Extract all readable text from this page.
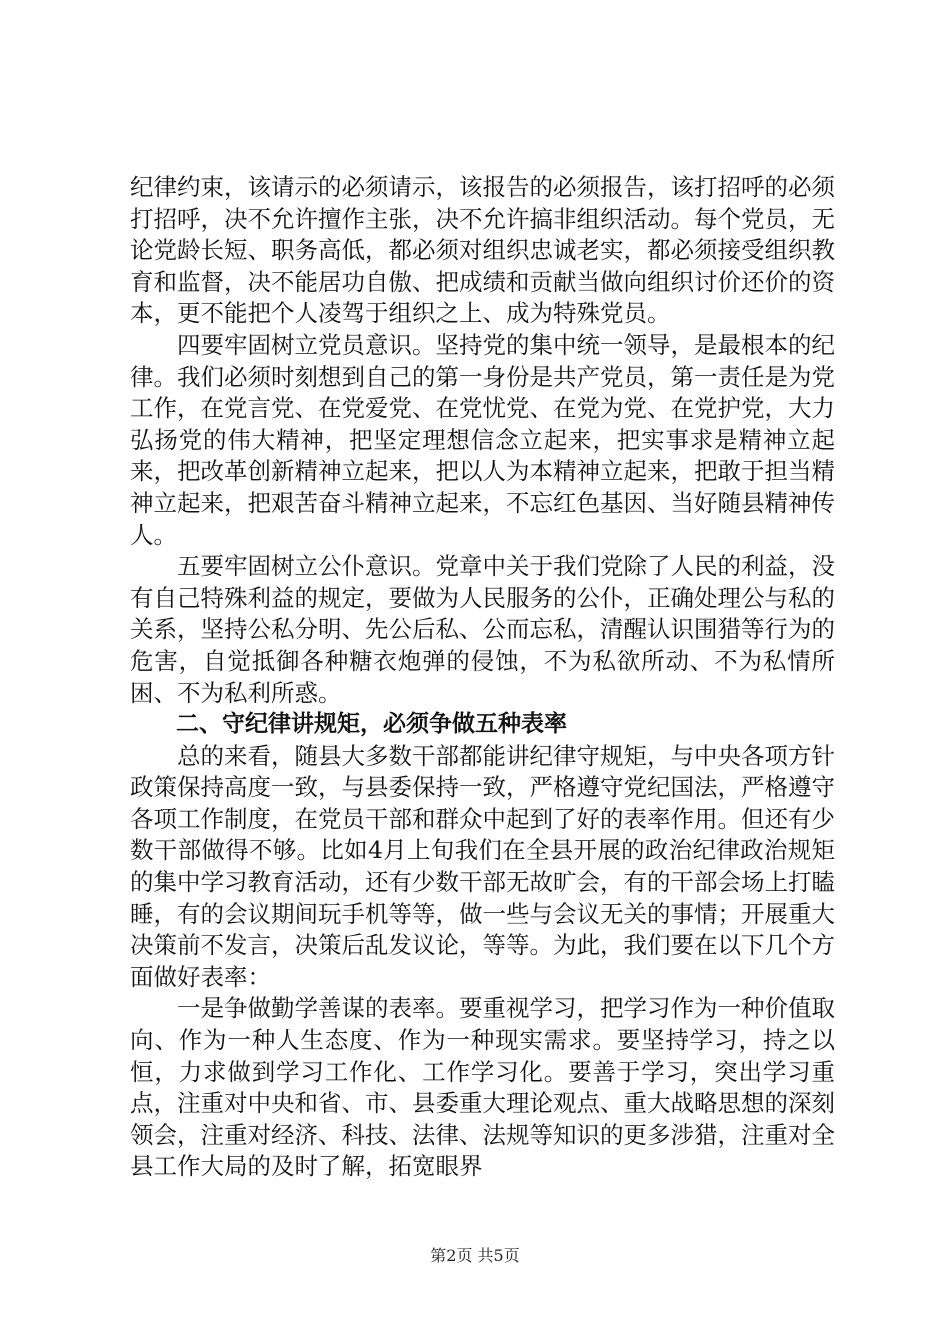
纪律约束，该请示的必须请示，该报告的必须报告，该打招呼的必须打招呼，决不允许擅作主张，决不允许搞非组织活动。每个党员，无论党龄长短、职务高低，都必须对组织忠诚老实，都必须接受组织教育和监督，决不能居功自傲、把成绩和贡献当做向组织讨价还价的资本，更不能把个人凌驾于组织之上、成为特殊党员。

四要牢固树立党员意识。坚持党的集中统一领导，是最根本的纪律。我们必须时刻想到自己的第一身份是共产党员，第一责任是为党工作，在党言党、在党爱党、在党忧党、在党为党、在党护党，大力弘扬党的伟大精神，把坚定理想信念立起来，把实事求是精神立起来，把改革创新精神立起来，把以人为本精神立起来，把敢于担当精神立起来，把艰苦奋斗精神立起来，不忘红色基因、当好随县精神传人。

五要牢固树立公仆意识。党章中关于我们党除了人民的利益，没有自己特殊利益的规定，要做为人民服务的公仆，正确处理公与私的关系，坚持公私分明、先公后私、公而忘私，清醒认识围猎等行为的危害，自觉抵御各种糖衣炮弹的侵蚀，不为私欲所动、不为私情所困、不为私利所惑。

二、守纪律讲规矩，必须争做五种表率

总的来看，随县大多数干部都能讲纪律守规矩，与中央各项方针政策保持高度一致，与县委保持一致，严格遵守党纪国法，严格遵守各项工作制度，在党员干部和群众中起到了好的表率作用。但还有少数干部做得不够。比如4月上旬我们在全县开展的政治纪律政治规矩的集中学习教育活动，还有少数干部无故旷会，有的干部会场上打瞌睡，有的会议期间玩手机等等，做一些与会议无关的事情；开展重大决策前不发言，决策后乱发议论，等等。为此，我们要在以下几个方面做好表率：

一是争做勤学善谋的表率。要重视学习，把学习作为一种价值取向、作为一种人生态度、作为一种现实需求。要坚持学习，持之以恒，力求做到学习工作化、工作学习化。要善于学习，突出学习重点，注重对中央和省、市、县委重大理论观点、重大战略思想的深刻领会，注重对经济、科技、法律、法规等知识的更多涉猎，注重对全县工作大局的及时了解，拓宽眼界

第2页 共5页
